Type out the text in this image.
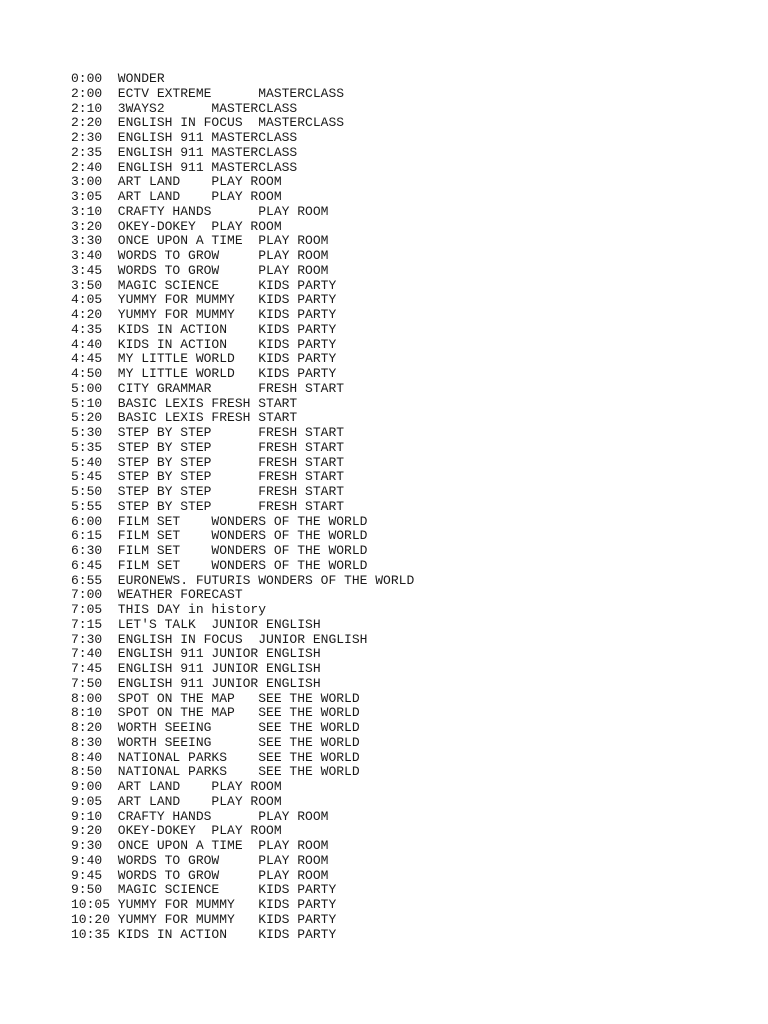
0:00  WONDER
2:00  ECTV EXTREME      MASTERCLASS
2:10  3WAYS2      MASTERCLASS
2:20  ENGLISH IN FOCUS  MASTERCLASS
2:30  ENGLISH 911 MASTERCLASS
2:35  ENGLISH 911 MASTERCLASS
2:40  ENGLISH 911 MASTERCLASS
3:00  ART LAND    PLAY ROOM
3:05  ART LAND    PLAY ROOM
3:10  CRAFTY HANDS      PLAY ROOM
3:20  OKEY-DOKEY  PLAY ROOM
3:30  ONCE UPON A TIME  PLAY ROOM
3:40  WORDS TO GROW     PLAY ROOM
3:45  WORDS TO GROW     PLAY ROOM
3:50  MAGIC SCIENCE     KIDS PARTY
4:05  YUMMY FOR MUMMY   KIDS PARTY
4:20  YUMMY FOR MUMMY   KIDS PARTY
4:35  KIDS IN ACTION    KIDS PARTY
4:40  KIDS IN ACTION    KIDS PARTY
4:45  MY LITTLE WORLD   KIDS PARTY
4:50  MY LITTLE WORLD   KIDS PARTY
5:00  CITY GRAMMAR      FRESH START
5:10  BASIC LEXIS FRESH START
5:20  BASIC LEXIS FRESH START
5:30  STEP BY STEP      FRESH START
5:35  STEP BY STEP      FRESH START
5:40  STEP BY STEP      FRESH START
5:45  STEP BY STEP      FRESH START
5:50  STEP BY STEP      FRESH START
5:55  STEP BY STEP      FRESH START
6:00  FILM SET    WONDERS OF THE WORLD
6:15  FILM SET    WONDERS OF THE WORLD
6:30  FILM SET    WONDERS OF THE WORLD
6:45  FILM SET    WONDERS OF THE WORLD
6:55  EURONEWS. FUTURIS WONDERS OF THE WORLD
7:00  WEATHER FORECAST
7:05  THIS DAY in history
7:15  LET'S TALK  JUNIOR ENGLISH
7:30  ENGLISH IN FOCUS  JUNIOR ENGLISH
7:40  ENGLISH 911 JUNIOR ENGLISH
7:45  ENGLISH 911 JUNIOR ENGLISH
7:50  ENGLISH 911 JUNIOR ENGLISH
8:00  SPOT ON THE MAP   SEE THE WORLD
8:10  SPOT ON THE MAP   SEE THE WORLD
8:20  WORTH SEEING      SEE THE WORLD
8:30  WORTH SEEING      SEE THE WORLD
8:40  NATIONAL PARKS    SEE THE WORLD
8:50  NATIONAL PARKS    SEE THE WORLD
9:00  ART LAND    PLAY ROOM
9:05  ART LAND    PLAY ROOM
9:10  CRAFTY HANDS      PLAY ROOM
9:20  OKEY-DOKEY  PLAY ROOM
9:30  ONCE UPON A TIME  PLAY ROOM
9:40  WORDS TO GROW     PLAY ROOM
9:45  WORDS TO GROW     PLAY ROOM
9:50  MAGIC SCIENCE     KIDS PARTY
10:05 YUMMY FOR MUMMY   KIDS PARTY
10:20 YUMMY FOR MUMMY   KIDS PARTY
10:35 KIDS IN ACTION    KIDS PARTY
